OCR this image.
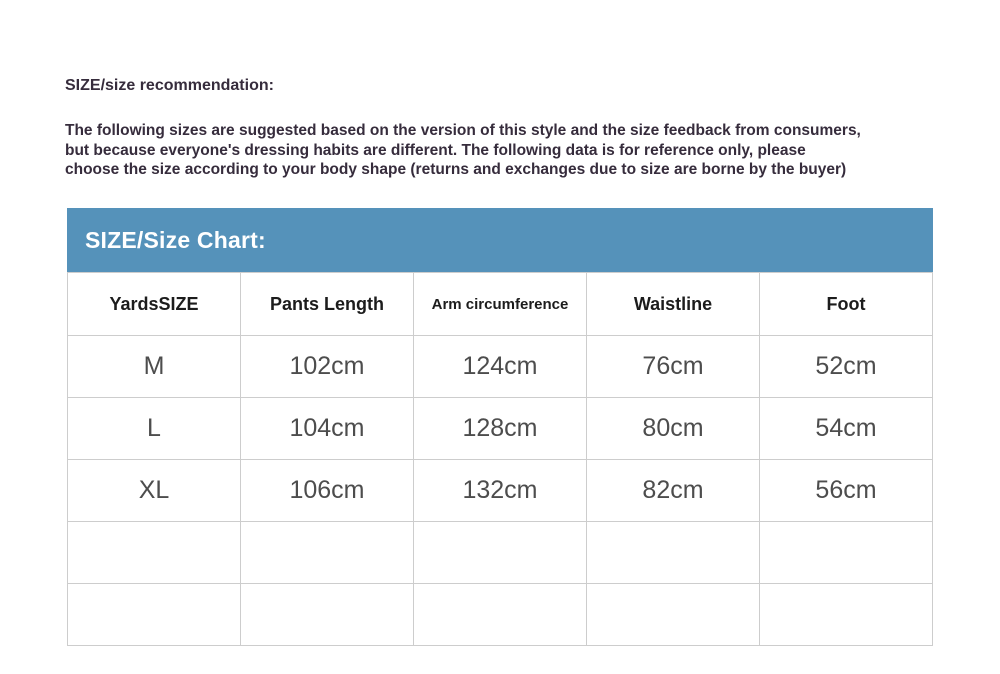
SIZE/size recommendation:
The following sizes are suggested based on the version of this style and the size feedback from consumers,
but because everyone's dressing habits are different. The following data is for reference only, please
choose the size according to your body shape (returns and exchanges due to size are borne by the buyer)
SIZE/Size Chart:
YardsSIZE	Pants Length	Arm circumference	Waistline	Foot
M	102cm	124cm	76cm	52cm
L	104cm	128cm	80cm	54cm
XL	106cm	132cm	82cm	56cm
